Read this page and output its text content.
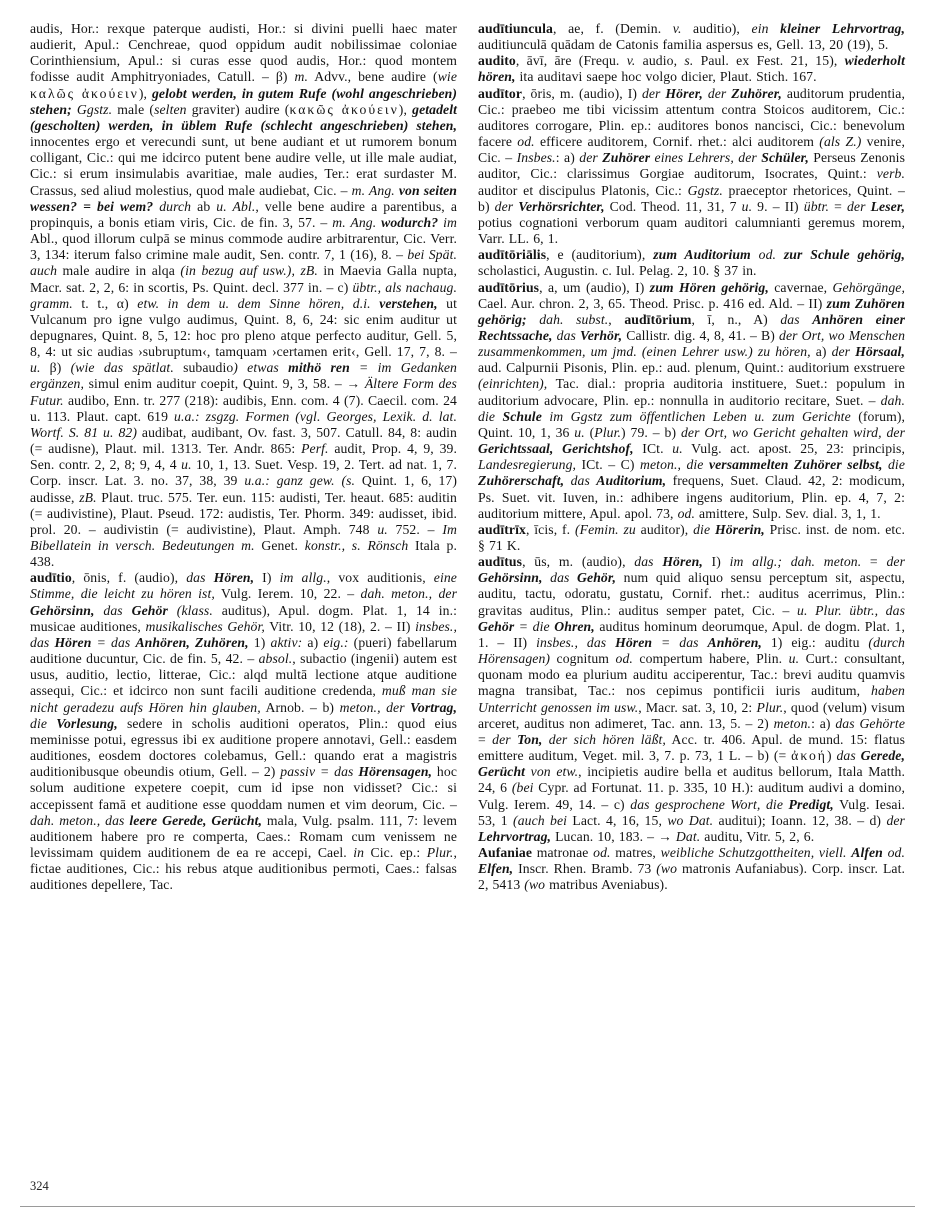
audis, Hor.: rexque paterque audisti, Hor.: si divini puelli haec mater audierit, Apul.: Cenchreae, quod oppidum audit nobilissimae coloniae Corinthiensium, Apul.: si curas esse quod audis, Hor.: quod montem fodisse audit Amphitryoniades, Catull. – β) m. Advv., bene audire (wie καλῶς ἀκούειν), gelobt werden, in gutem Rufe (wohl angeschrieben) stehen; Ggstz. male (selten graviter) audire (κακῶς ἀκούειν), getadelt (gescholten) werden, in üblem Rufe (schlecht angeschrieben) stehen, innocentes ergo et verecundi sunt, ut bene audiant et ut rumorem bonum colligant, Cic.: qui me idcirco putent bene audire velle, ut ille male audiat, Cic.: si erum insimulabis avaritiae, male audies, Ter.: erat surdaster M. Crassus, sed aliud molestius, quod male audiebat, Cic. – m. Ang. von seiten wessen? = bei wem? durch ab u. Abl., velle bene audire a parentibus, a propinquis, a bonis etiam viris, Cic. de fin. 3, 57. – m. Ang. wodurch? im Abl., quod illorum culpā se minus commode audire arbitrarentur, Cic. Verr. 3, 134: iterum falso crimine male audit, Sen. contr. 7, 1 (16), 8. – bei Spät. auch male audire in alqa (in bezug auf usw.), zB. in Maevia Galla nupta, Macr. sat. 2, 2, 6: in scortis, Ps. Quint. decl. 377 in. – c) übtr., als nachaug. gramm. t. t., α) etw. in dem u. dem Sinne hören, d.i. verstehen, ut Vulcanum pro igne vulgo audimus, Quint. 8, 6, 24: sic enim auditur ut depugnares, Quint. 8, 5, 12: hoc pro pleno atque perfecto auditur, Gell. 5, 8, 4: ut sic audias ›subruptum‹, tamquam ›certamen erit‹, Gell. 17, 7, 8. – u. β) (wie das spätlat. subaudio) etwas mithö ren = im Gedanken ergänzen, simul enim auditur coepit, Quint. 9, 3, 58. – → Ältere Form des Futur. audibo, Enn. tr. 277 (218): audibis, Enn. com. 4 (7). Caecil. com. 24 u. 113. Plaut. capt. 619 u.a.: zsgzg. Formen (vgl. Georges, Lexik. d. lat. Wortf. S. 81 u. 82) audibat, audibant, Ov. fast. 3, 507. Catull. 84, 8: audin (= audisne), Plaut. mil. 1313. Ter. Andr. 865: Perf. audit, Prop. 4, 9, 39. Sen. contr. 2, 2, 8; 9, 4, 4 u. 10, 1, 13. Suet. Vesp. 19, 2. Tert. ad nat. 1, 7. Corp. inscr. Lat. 3. no. 37, 38, 39 u.a.: ganz gew. (s. Quint. 1, 6, 17) audisse, zB. Plaut. truc. 575. Ter. eun. 115: audisti, Ter. heaut. 685: auditin (= audivistine), Plaut. Pseud. 172: audistis, Ter. Phorm. 349: audisset, ibid. prol. 20. – audivistin (= audivistine), Plaut. Amph. 748 u. 752. – Im Bibellatein in versch. Bedeutungen m. Genet. konstr., s. Rönsch Itala p. 438.

audītio, ōnis, f. (audio), das Hören, I) im allg., vox auditionis, eine Stimme, die leicht zu hören ist, Vulg. Ierem. 10, 22. – dah. meton., der Gehörsinn, das Gehör (klass. auditus), Apul. dogm. Plat. 1, 14 in.: musicae auditiones, musikalisches Gehör, Vitr. 10, 12 (18), 2. – II) insbes., das Hören = das Anhören, Zuhören, 1) aktiv: a) eig.: (pueri) fabellarum auditione ducuntur, Cic. de fin. 5, 42. – absol., subactio (ingenii) autem est usus, auditio, lectio, litterae, Cic.: alqd multā lectione atque auditione assequi, Cic.: et idcirco non sunt facili auditione credenda, muß man sie nicht geradezu aufs Hören hin glauben, Arnob. – b) meton., der Vortrag, die Vorlesung, sedere in scholis auditioni operatos, Plin.: quod eius meminisse potui, egressus ibi ex auditione propere annotavi, Gell.: easdem auditiones, eosdem doctores colebamus, Gell.: quando erat a magistris auditionibusque obeundis otium, Gell. – 2) passiv = das Hörensagen, hoc solum auditione expetere coepit, cum id ipse non vidisset? Cic.: si accepissent famā et auditione esse quoddam numen et vim deorum, Cic. – dah. meton., das leere Gerede, Gerücht, mala, Vulg. psalm. 111, 7: levem auditionem habere pro re comperta, Caes.: Romam cum venissem ne levissimam quidem auditionem de ea re accepi, Cael. in Cic. ep.: Plur., fictae auditiones, Cic.: his rebus atque auditionibus permoti, Caes.: falsas auditiones depellere, Tac.

audītiuncula, ae, f. (Demin. v. auditio), ein kleiner Lehrvortrag, auditiunculā quādam de Catonis familia aspersus es, Gell. 13, 20 (19), 5.

audito, āvī, āre (Frequ. v. audio, s. Paul. ex Fest. 21, 15), wiederholt hören, ita auditavi saepe hoc volgo dicier, Plaut. Stich. 167.

audītor, ōris, m. (audio), I) der Hörer, der Zuhörer, auditorum prudentia, Cic.: praebeo me tibi vicissim attentum contra Stoicos auditorem, Cic.: auditores corrogare, Plin. ep.: auditores bonos nancisci, Cic.: benevolum facere od. efficere auditorem, Cornif. rhet.: alci auditorem (als Z.) venire, Cic. – Insbes.: a) der Zuhörer eines Lehrers, der Schüler, Perseus Zenonis auditor, Cic.: clarissimus Gorgiae auditorum, Isocrates, Quint.: verb. auditor et discipulus Platonis, Cic.: Ggstz. praeceptor rhetorices, Quint. – b) der Verhörsrichter, Cod. Theod. 11, 31, 7 u. 9. – II) übtr. = der Leser, potius cognationi verborum quam auditori calumnianti geremus morem, Varr. LL. 6, 1.

audītōriālis, e (auditorium), zum Auditorium od. zur Schule gehörig, scholastici, Augustin. c. Iul. Pelag. 2, 10. § 37 in.

audītōrius, a, um (audio), I) zum Hören gehörig, cavernae, Gehörgänge, Cael. Aur. chron. 2, 3, 65. Theod. Prisc. p. 416 ed. Ald. – II) zum Zuhören gehörig; dah. subst., audītōrium, ī, n., A) das Anhören einer Rechtssache, das Verhör, Callistr. dig. 4, 8, 41. – B) der Ort, wo Menschen zusammenkommen, um jmd. (einen Lehrer usw.) zu hören, a) der Hörsaal, aud. Calpurnii Pisonis, Plin. ep.: aud. plenum, Quint.: auditorium exstruere (einrichten), Tac. dial.: propria auditoria instituere, Suet.: populum in auditorium advocare, Plin. ep.: nonnulla in auditorio recitare, Suet. – dah. die Schule im Ggstz zum öffentlichen Leben u. zum Gerichte (forum), Quint. 10, 1, 36 u. (Plur.) 79. – b) der Ort, wo Gericht gehalten wird, der Gerichtssaal, Gerichtshof, ICt. u. Vulg. act. apost. 25, 23: principis, Landesregierung, ICt. – C) meton., die versammelten Zuhörer selbst, die Zuhörerschaft, das Auditorium, frequens, Suet. Claud. 42, 2: modicum, Ps. Suet. vit. Iuven, in.: adhibere ingens auditorium, Plin. ep. 4, 7, 2: auditorium mittere, Apul. apol. 73, od. amittere, Sulp. Sev. dial. 3, 1, 1.

audītrīx, īcis, f. (Femin. zu auditor), die Hörerin, Prisc. inst. de nom. etc. § 71 K.

audītus, ūs, m. (audio), das Hören, I) im allg.; dah. meton. = der Gehörsinn, das Gehör, num quid aliquo sensu perceptum sit, aspectu, auditu, tactu, odoratu, gustatu, Cornif. rhet.: auditus acerrimus, Plin.: gravitas auditus, Plin.: auditus semper patet, Cic. – u. Plur. übtr., das Gehör = die Ohren, auditus hominum deorumque, Apul. de dogm. Plat. 1, 1. – II) insbes., das Hören = das Anhören, 1) eig.: auditu (durch Hörensagen) cognitum od. compertum habere, Plin. u. Curt.: consultant, quonam modo ea plurium auditu acciperentur, Tac.: brevi auditu quamvis magna transibat, Tac.: nos cepimus pontificii iuris auditum, haben Unterricht genossen im usw., Macr. sat. 3, 10, 2: Plur., quod (velum) visum arceret, auditus non adimeret, Tac. ann. 13, 5. – 2) meton.: a) das Gehörte = der Ton, der sich hören läßt, Acc. tr. 406. Apul. de mund. 15: flatus emittere auditum, Veget. mil. 3, 7. p. 73, 1 L. – b) (= ἀκοή) das Gerede, Gerücht von etw., incipietis audire bella et auditus bellorum, Itala Matth. 24, 6 (bei Cypr. ad Fortunat. 11. p. 335, 10 H.): auditum audivi a domino, Vulg. Ierem. 49, 14. – c) das gesprochene Wort, die Predigt, Vulg. Iesai. 53, 1 (auch bei Lact. 4, 16, 15, wo Dat. auditui); Ioann. 12, 38. – d) der Lehrvortrag, Lucan. 10, 183. – → Dat. auditu, Vitr. 5, 2, 6.

Aufaniae matronae od. matres, weibliche Schutzgottheiten, viell. Alfen od. Elfen, Inscr. Rhen. Bramb. 73 (wo matronis Aufaniabus). Corp. inscr. Lat. 2, 5413 (wo matribus Aveniabus).

324
